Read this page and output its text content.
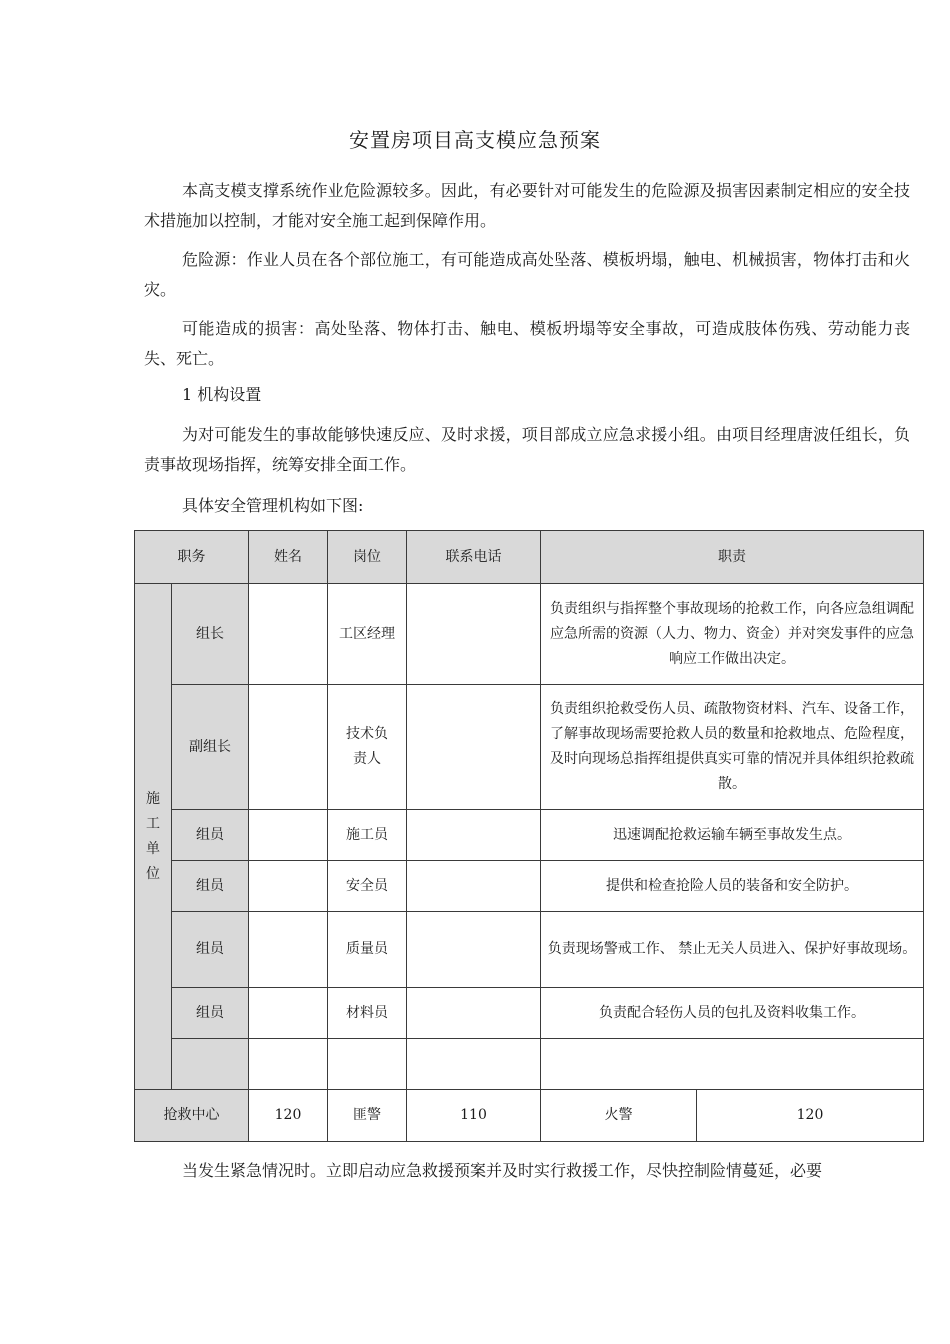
安置房项目高支模应急预案

本高支模支撑系统作业危险源较多。因此，有必要针对可能发生的危险源及损害因素制定相应的安全技术措施加以控制，才能对安全施工起到保障作用。

危险源：作业人员在各个部位施工，有可能造成高处坠落、模板坍塌，触电、机械损害，物体打击和火灾。

可能造成的损害：高处坠落、物体打击、触电、模板坍塌等安全事故，可造成肢体伤残、劳动能力丧失、死亡。

1 机构设置

为对可能发生的事故能够快速反应、及时求援，项目部成立应急求援小组。由项目经理唐波任组长，负责事故现场指挥，统筹安排全面工作。

具体安全管理机构如下图:

职务		姓名	岗位	联系电话	职责	

施
工
单
位	组长		工区经理		负责组织与指挥整个事故现场的抢救工作，向各应急组调配应急所需的资源（人力、物力、资金）并对突发事件的应急响应工作做出决定。	
	副组长		技术负责人		负责组织抢救受伤人员、疏散物资材料、汽车、设备工作，了解事故现场需要抢救人员的数量和抢救地点、危险程度，及时向现场总指挥组提供真实可靠的情况并具体组织抢救疏散。	
	组员		施工员		迅速调配抢救运输车辆至事故发生点。	
	组员		安全员		提供和检查抢险人员的装备和安全防护。	
	组员		质量员		负责现场警戒工作、 禁止无关人员进入、保护好事故现场。	
	组员		材料员		负责配合轻伤人员的包扎及资料收集工作。	

抢救中心		120	匪警	110	火警	120

当发生紧急情况时。立即启动应急救援预案并及时实行救援工作，尽快控制险情蔓延，必要
